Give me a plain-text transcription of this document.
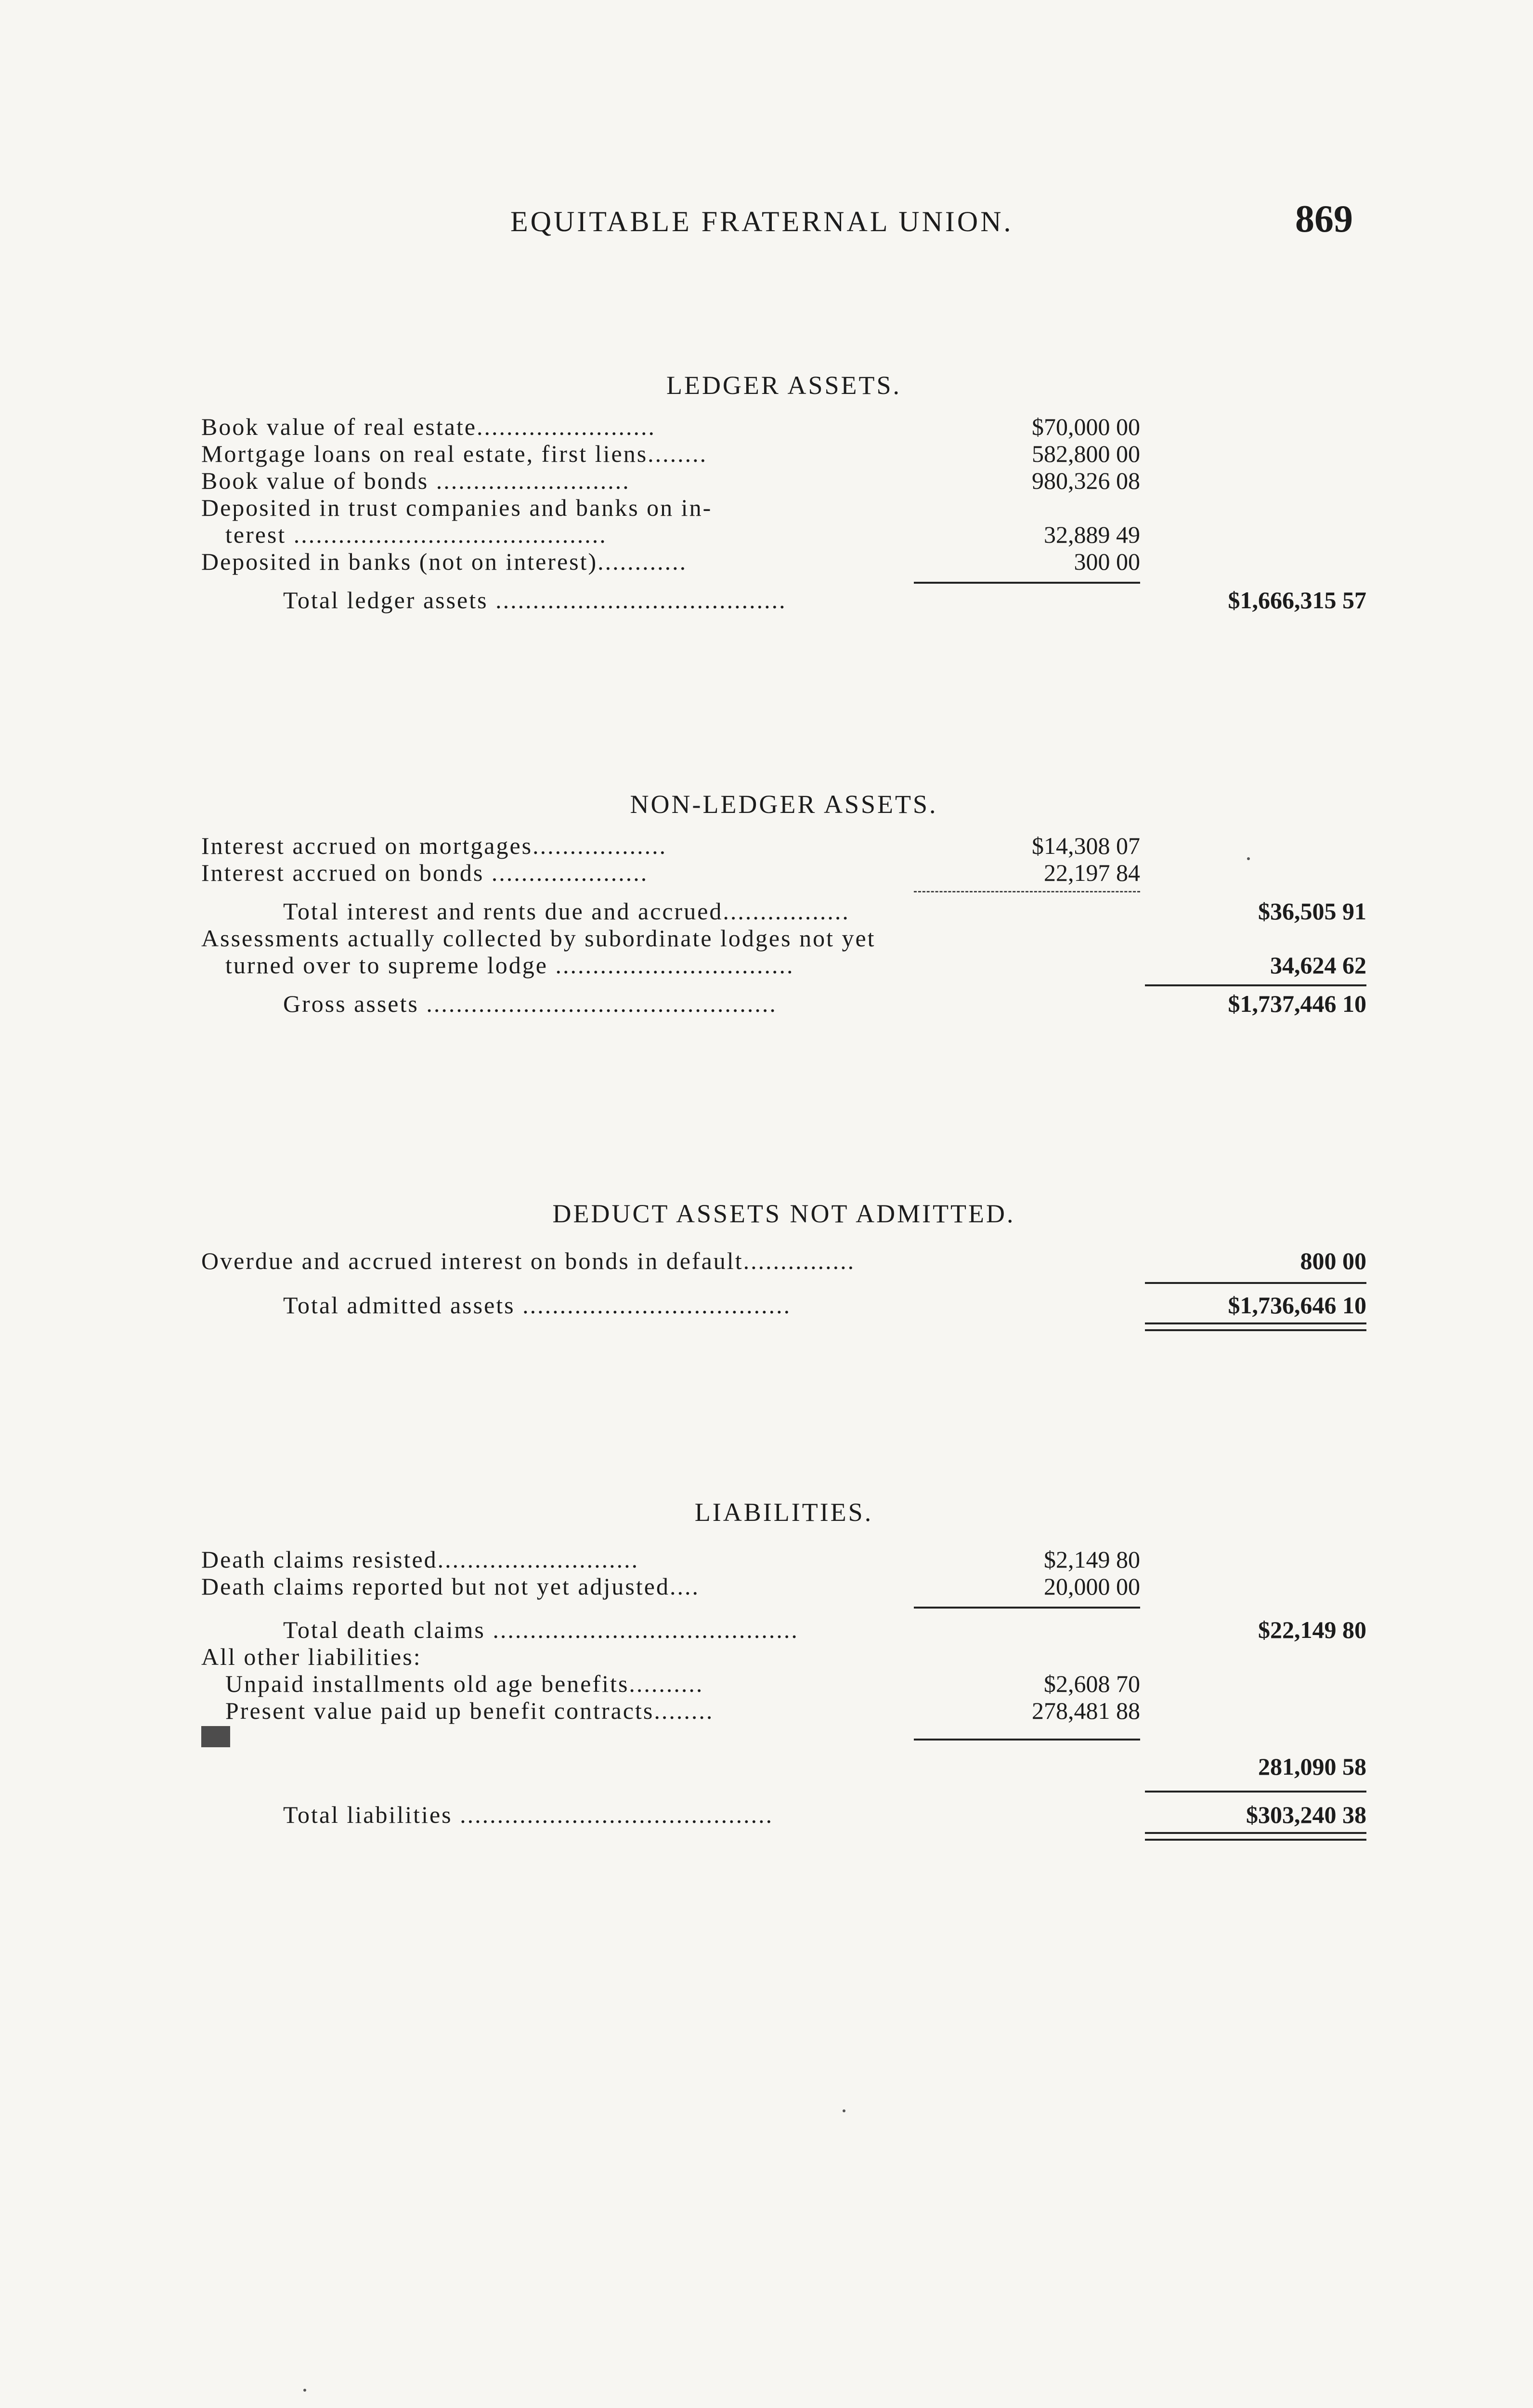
EQUITABLE FRATERNAL UNION.	869
LEDGER ASSETS.
Book value of real estate........................	$70,000 00
Mortgage loans on real estate, first liens........	582,800 00
Book value of bonds ..........................	980,326 08
Deposited in trust companies and banks on in-
terest ..........................................	32,889 49
Deposited in banks (not on interest)............	300 00
Total ledger assets .......................................	$1,666,315 57
NON-LEDGER ASSETS.
Interest accrued on mortgages..................	$14,308 07
Interest accrued on bonds .....................	22,197 84
Total interest and rents due and accrued.................	$36,505 91
Assessments actually collected by subordinate lodges not yet
turned over to supreme lodge ................................	34,624 62
Gross assets ...............................................	$1,737,446 10
DEDUCT ASSETS NOT ADMITTED.
Overdue and accrued interest on bonds in default...............	800 00
Total admitted assets ....................................	$1,736,646 10
LIABILITIES.
Death claims resisted...........................	$2,149 80
Death claims reported but not yet adjusted....	20,000 00
Total death claims .........................................	$22,149 80
All other liabilities:
Unpaid installments old age benefits..........	$2,608 70
Present value paid up benefit contracts........	278,481 88
281,090 58
Total liabilities ..........................................	$303,240 38
